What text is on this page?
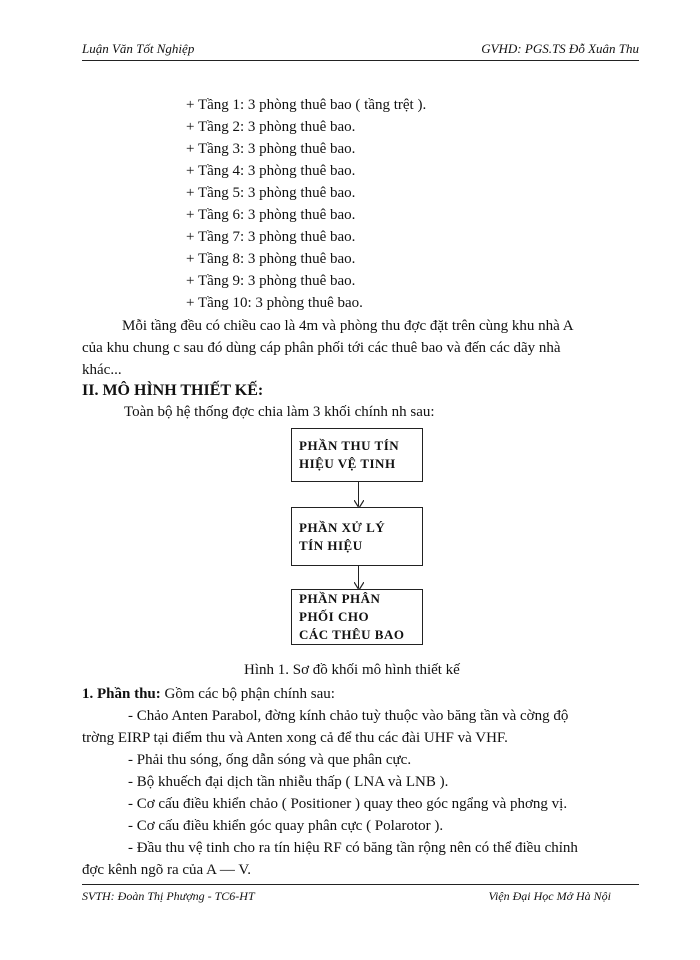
Luận Văn Tốt Nghiệp	GVHD: PGS.TS Đỗ Xuân Thu
+ Tầng 1: 3 phòng thuê bao ( tầng trệt ).
+ Tầng 2: 3 phòng thuê bao.
+ Tầng 3: 3 phòng thuê bao.
+ Tầng 4: 3 phòng thuê bao.
+ Tầng 5: 3 phòng thuê bao.
+ Tầng 6: 3 phòng thuê bao.
+ Tầng 7: 3 phòng thuê bao.
+ Tầng 8: 3 phòng thuê bao.
+ Tầng 9: 3 phòng thuê bao.
+ Tầng 10: 3 phòng thuê bao.
Mỗi tầng đều có chiều cao là 4m và phòng thu đợc đặt trên cùng khu nhà A
của khu chung c sau đó dùng cáp phân phối tới các thuê bao và đến các dãy nhà
khác...
II. MÔ HÌNH THIẾT KẾ:
Toàn bộ hệ thống đợc chia làm 3 khối chính nh sau:
PHẦN THU TÍN
HIỆU VỆ TINH
PHẦN XỬ LÝ
TÍN HIỆU
PHẦN PHÂN
PHỐI CHO
CÁC THÊU BAO
Hình 1. Sơ đồ khối mô hình thiết kế
1. Phần thu: Gồm các bộ phận chính sau:
- Chảo Anten Parabol, đờng kính chảo tuỳ thuộc vào băng tần và cờng độ
trờng EIRP tại điểm thu và Anten xong cả để thu các đài UHF và VHF.
- Phải thu sóng, ống dẫn sóng và que phân cực.
- Bộ khuếch đại dịch tần nhiễu thấp ( LNA và LNB ).
- Cơ cấu điều khiển chảo ( Positioner ) quay theo góc ngẩng và phơng vị.
- Cơ cấu điều khiển góc quay phân cực ( Polarotor ).
- Đầu thu vệ tinh cho ra tín hiệu RF có băng tần rộng nên có thể điều chỉnh
đợc kênh ngõ ra của A — V.
SVTH: Đoàn Thị Phượng - TC6-HT	Viện Đại Học Mở Hà Nội
